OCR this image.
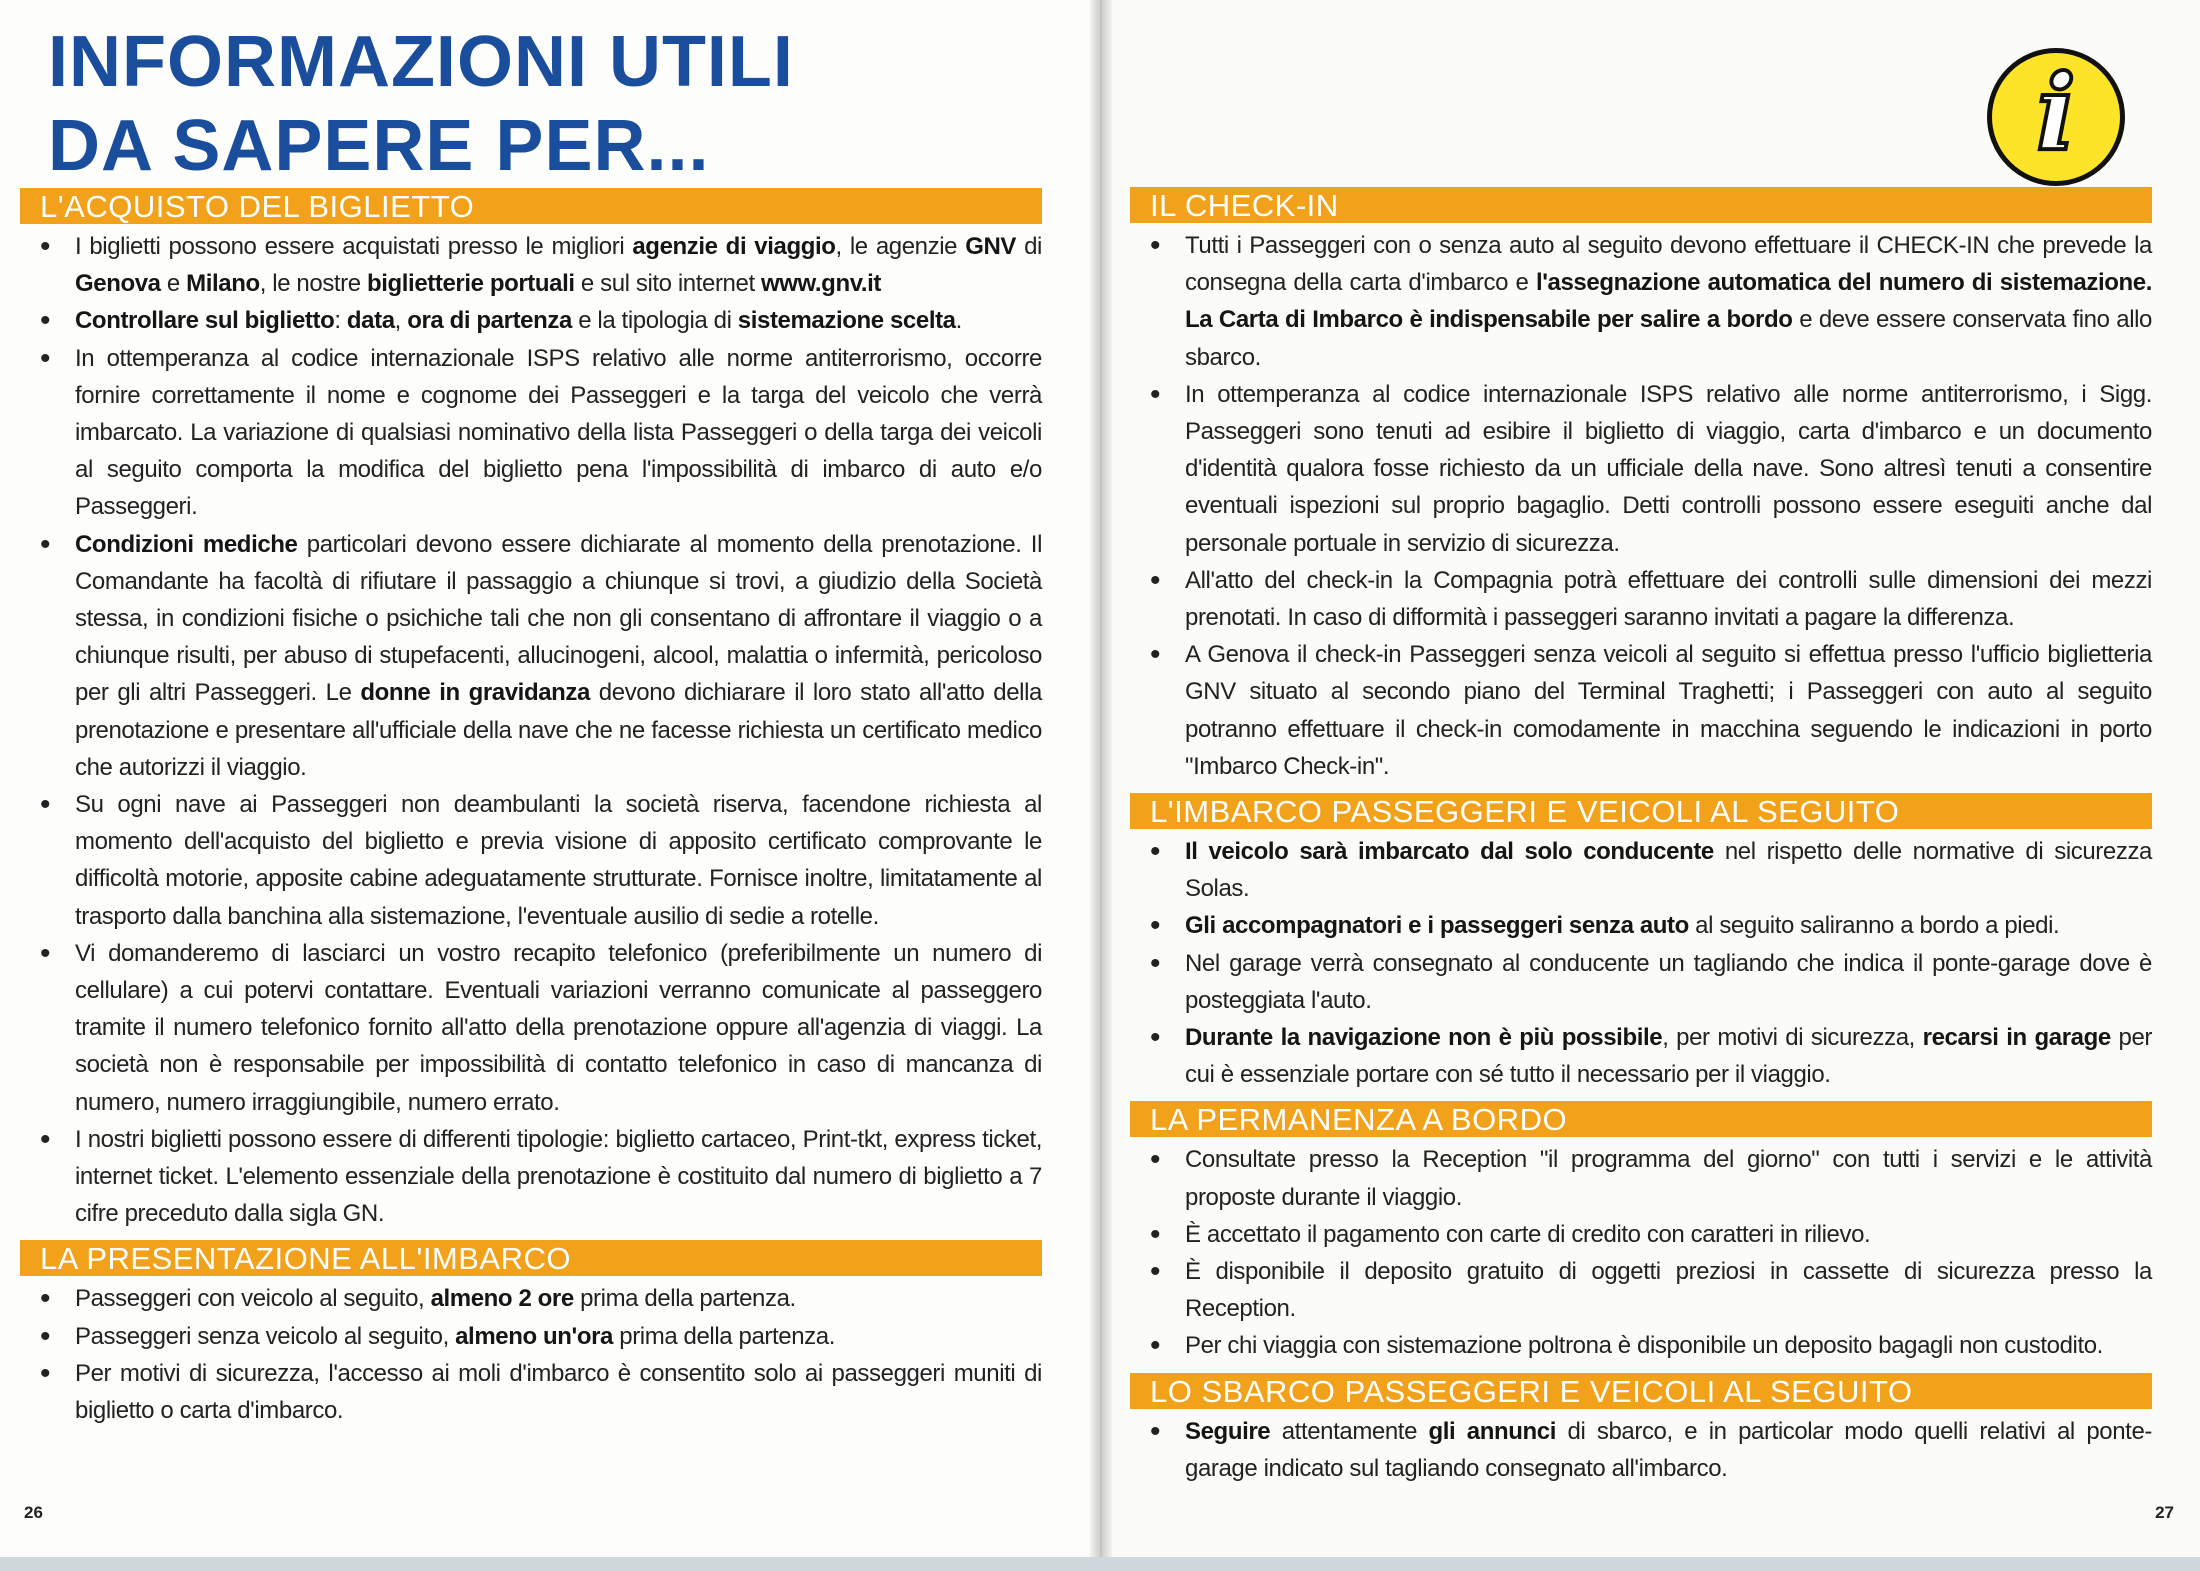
INFORMAZIONI UTILI
DA SAPERE PER...
L'ACQUISTO DEL BIGLIETTO
• I biglietti possono essere acquistati presso le migliori agenzie di viaggio, le agenzie GNV di Genova e Milano, le nostre biglietterie portuali e sul sito internet www.gnv.it
• Controllare sul biglietto: data, ora di partenza e la tipologia di sistemazione scelta.
• In ottemperanza al codice internazionale ISPS relativo alle norme antiterrorismo, occorre fornire correttamente il nome e cognome dei Passeggeri e la targa del veicolo che verrà imbarcato. La variazione di qualsiasi nominativo della lista Passeggeri o della targa dei veicoli al seguito comporta la modifica del biglietto pena l'impossibilità di imbarco di auto e/o Passeggeri.
• Condizioni mediche particolari devono essere dichiarate al momento della prenotazione. Il Comandante ha facoltà di rifiutare il passaggio a chiunque si trovi, a giudizio della Società stessa, in condizioni fisiche o psichiche tali che non gli consentano di affrontare il viaggio o a chiunque risulti, per abuso di stupefacenti, allucinogeni, alcool, malattia o infermità, pericoloso per gli altri Passeggeri. Le donne in gravidanza devono dichiarare il loro stato all'atto della prenotazione e presentare all'ufficiale della nave che ne facesse richiesta un certificato medico che autorizzi il viaggio.
• Su ogni nave ai Passeggeri non deambulanti la società riserva, facendone richiesta al momento dell'acquisto del biglietto e previa visione di apposito certificato comprovante le difficoltà motorie, apposite cabine adeguatamente strutturate. Fornisce inoltre, limitatamente al trasporto dalla banchina alla sistemazione, l'eventuale ausilio di sedie a rotelle.
• Vi domanderemo di lasciarci un vostro recapito telefonico (preferibilmente un numero di cellulare) a cui potervi contattare. Eventuali variazioni verranno comunicate al passeggero tramite il numero telefonico fornito all'atto della prenotazione oppure all'agenzia di viaggi. La società non è responsabile per impossibilità di contatto telefonico in caso di mancanza di numero, numero irraggiungibile, numero errato.
• I nostri biglietti possono essere di differenti tipologie: biglietto cartaceo, Print-tkt, express ticket, internet ticket. L'elemento essenziale della prenotazione è costituito dal numero di biglietto a 7 cifre preceduto dalla sigla GN.
LA PRESENTAZIONE ALL'IMBARCO
• Passeggeri con veicolo al seguito, almeno 2 ore prima della partenza.
• Passeggeri senza veicolo al seguito, almeno un'ora prima della partenza.
• Per motivi di sicurezza, l'accesso ai moli d'imbarco è consentito solo ai passeggeri muniti di biglietto o carta d'imbarco.
26
i
IL CHECK-IN
• Tutti i Passeggeri con o senza auto al seguito devono effettuare il CHECK-IN che prevede la consegna della carta d'imbarco e l'assegnazione automatica del numero di sistemazione. La Carta di Imbarco è indispensabile per salire a bordo e deve essere conservata fino allo sbarco.
• In ottemperanza al codice internazionale ISPS relativo alle norme antiterrorismo, i Sigg. Passeggeri sono tenuti ad esibire il biglietto di viaggio, carta d'imbarco e un documento d'identità qualora fosse richiesto da un ufficiale della nave. Sono altresì tenuti a consentire eventuali ispezioni sul proprio bagaglio. Detti controlli possono essere eseguiti anche dal personale portuale in servizio di sicurezza.
• All'atto del check-in la Compagnia potrà effettuare dei controlli sulle dimensioni dei mezzi prenotati. In caso di difformità i passeggeri saranno invitati a pagare la differenza.
• A Genova il check-in Passeggeri senza veicoli al seguito si effettua presso l'ufficio biglietteria GNV situato al secondo piano del Terminal Traghetti; i Passeggeri con auto al seguito potranno effettuare il check-in comodamente in macchina seguendo le indicazioni in porto "Imbarco Check-in".
L'IMBARCO PASSEGGERI E VEICOLI AL SEGUITO
• Il veicolo sarà imbarcato dal solo conducente nel rispetto delle normative di sicurezza Solas.
• Gli accompagnatori e i passeggeri senza auto al seguito saliranno a bordo a piedi.
• Nel garage verrà consegnato al conducente un tagliando che indica il ponte-garage dove è posteggiata l'auto.
• Durante la navigazione non è più possibile, per motivi di sicurezza, recarsi in garage per cui è essenziale portare con sé tutto il necessario per il viaggio.
LA PERMANENZA A BORDO
• Consultate presso la Reception "il programma del giorno" con tutti i servizi e le attività proposte durante il viaggio.
• È accettato il pagamento con carte di credito con caratteri in rilievo.
• È disponibile il deposito gratuito di oggetti preziosi in cassette di sicurezza presso la Reception.
• Per chi viaggia con sistemazione poltrona è disponibile un deposito bagagli non custodito.
LO SBARCO PASSEGGERI E VEICOLI AL SEGUITO
• Seguire attentamente gli annunci di sbarco, e in particolar modo quelli relativi al ponte-garage indicato sul tagliando consegnato all'imbarco.
27
